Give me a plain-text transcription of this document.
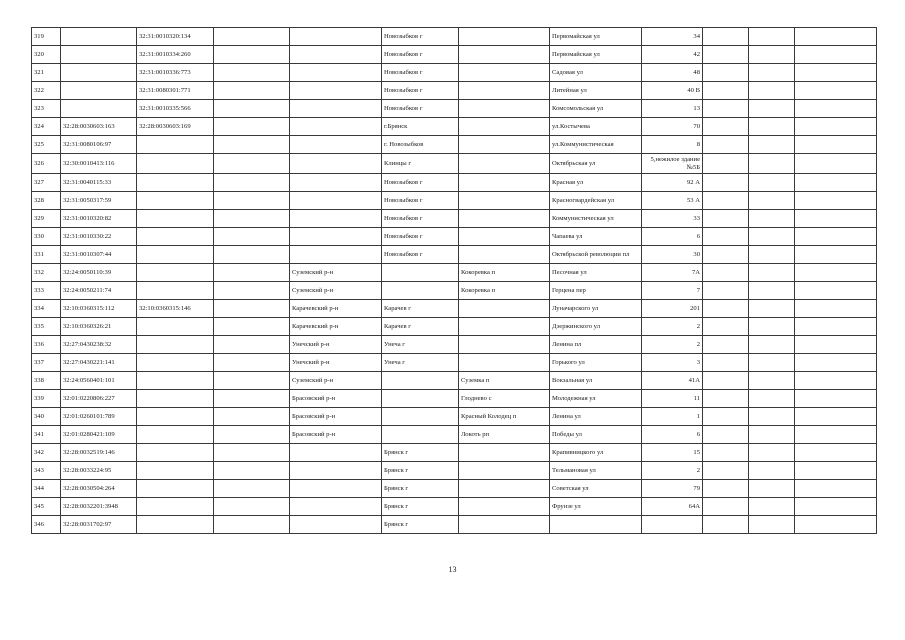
319		32:31:0010320:134			Новозыбков г		Первомайская ул	34			
320		32:31:0010334:260			Новозыбков г		Первомайская ул	42			
321		32:31:0010336:773			Новозыбков г		Садовая ул	48			
322		32:31:0080301:771			Новозыбков г		Литейная ул	40 В			
323		32:31:0010335:566			Новозыбков г		Комсомольская ул	13			
324	32:28:0030603:163	32:28:0030603:169			г.Брянск		ул.Костычева	70			
325	32:31:0080106:97				г. Новозыбков		ул.Коммунистическая	8			
326	32:30:0010413:116				Клинцы г		Октябрьская ул	5,нежилое здание №5Б			
327	32:31:0040115:33				Новозыбков г		Красная ул	92 А			
328	32:31:0050317:59				Новозыбков г		Красногвардейская ул	53 А			
329	32:31:0010320:82				Новозыбков г		Коммунистическая ул	33			
330	32:31:0010330:22				Новозыбков г		Чапаева ул	6			
331	32:31:0010307:44				Новозыбков г		Октябрьской революции пл	30			
332	32:24:0050110:39			Суземский р-н		Кокоревка п	Песочная ул	7А			
333	32:24:0050211:74			Суземский р-н		Кокоревка п	Герцена пер	7			
334	32:10:0360315:112	32:10:0360315:146		Карачевский р-н	Карачев г		Луначарского ул	201			
335	32:10:0360326:21			Карачевский р-н	Карачев г		Дзержинского ул	2			
336	32:27:0430238:32			Унечский р-н	Унеча г		Ленина пл	2			
337	32:27:0430221:141			Унечский р-н	Унеча г		Горького ул	3			
338	32:24:0560401:101			Суземский р-н		Суземка п	Вокзальная ул	41А			
339	32:01:0220806:227			Брасовский р-н		Глодневo с	Молодежная ул	11			
340	32:01:0260101:789			Брасовский р-н		Красный Колодец п	Ленина ул	1			
341	32:01:0280421:109			Брасовский р-н		Локоть рп	Победы ул	6			
342	32:28:0032519:146				Брянск г		Крапивницкого ул	15			
343	32:28:0033224:95				Брянск г		Тельмановая ул	2			
344	32:28:0030504:264				Брянск г		Советская ул	79			
345	32:28:0032201:3948				Брянск г		Фрунзе ул	64А			
346	32:28:0031702:97				Брянск г						
13
